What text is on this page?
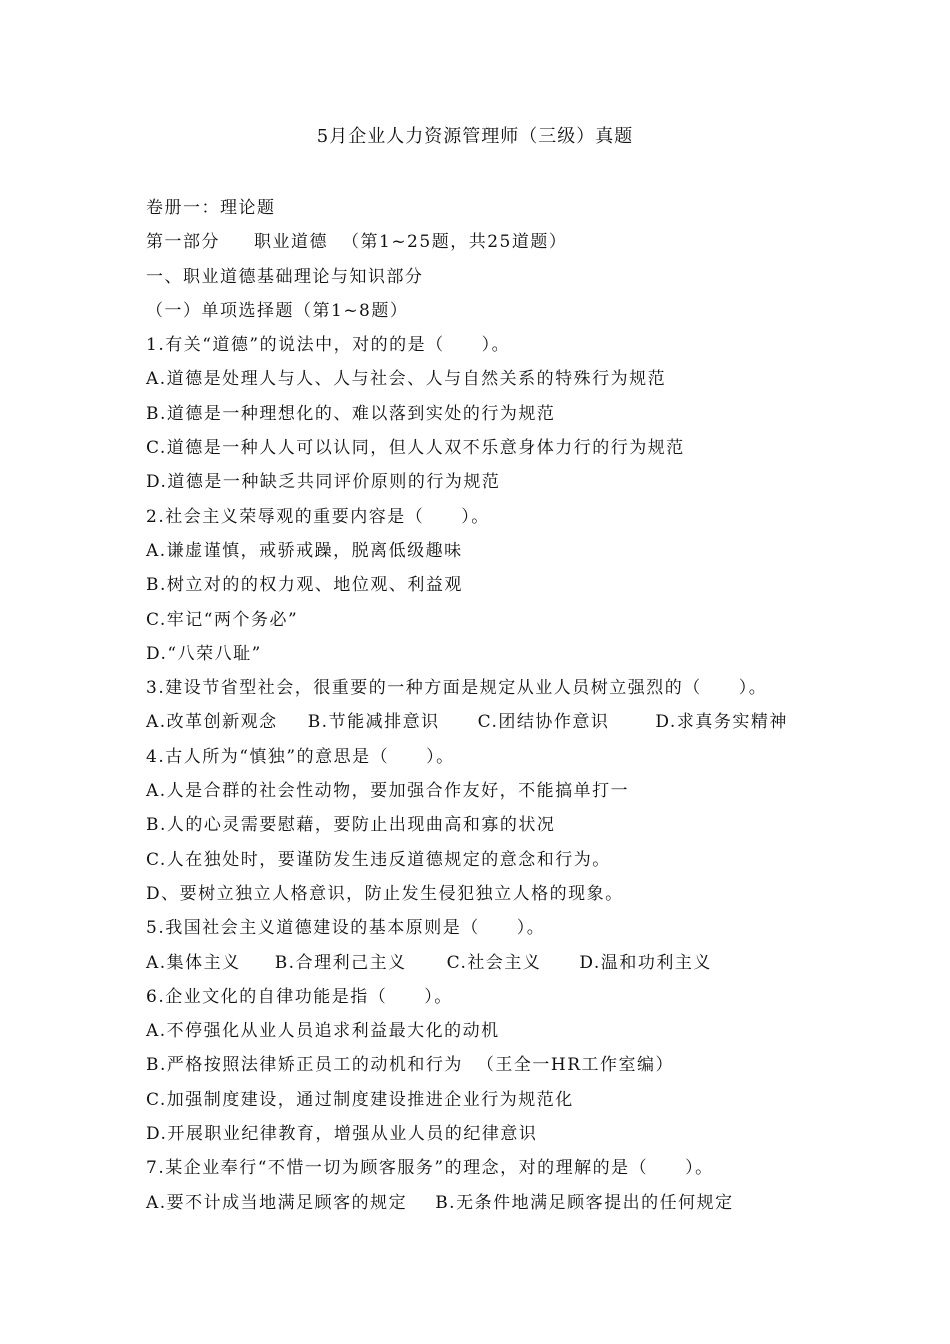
5月企业人力资源管理师（三级）真题
卷册一：理论题
第一部分 职业道德 （第1~25题，共25道题）
一、职业道德基础理论与知识部分
（一）单项选择题（第1~8题）
1.有关“道德”的说法中，对的的是（　　）。
A.道德是处理人与人、人与社会、人与自然关系的特殊行为规范
B.道德是一种理想化的、难以落到实处的行为规范
C.道德是一种人人可以认同，但人人双不乐意身体力行的行为规范
D.道德是一种缺乏共同评价原则的行为规范
2.社会主义荣辱观的重要内容是（　　）。
A.谦虚谨慎，戒骄戒躁，脱离低级趣味
B.树立对的的权力观、地位观、利益观
C.牢记“两个务必”
D.“八荣八耻”
3.建设节省型社会，很重要的一种方面是规定从业人员树立强烈的（　　）。
A.改革创新观念 B.节能减排意识 C.团结协作意识	D.求真务实精神
4.古人所为“慎独”的意思是（　　）。
A.人是合群的社会性动物，要加强合作友好，不能搞单打一
B.人的心灵需要慰藉，要防止出现曲高和寡的状况
C.人在独处时，要谨防发生违反道德规定的意念和行为。
D、要树立独立人格意识，防止发生侵犯独立人格的现象。
5.我国社会主义道德建设的基本原则是（　　）。
A.集体主义 B.合理利己主义 C.社会主义 D.温和功利主义
6.企业文化的自律功能是指（　　）。
A.不停强化从业人员追求利益最大化的动机
B.严格按照法律矫正员工的动机和行为 （王全一HR工作室编）
C.加强制度建设，通过制度建设推进企业行为规范化
D.开展职业纪律教育，增强从业人员的纪律意识
7.某企业奉行“不惜一切为顾客服务”的理念，对的理解的是（　　）。
A.要不计成当地满足顾客的规定 B.无条件地满足顾客提出的任何规定
